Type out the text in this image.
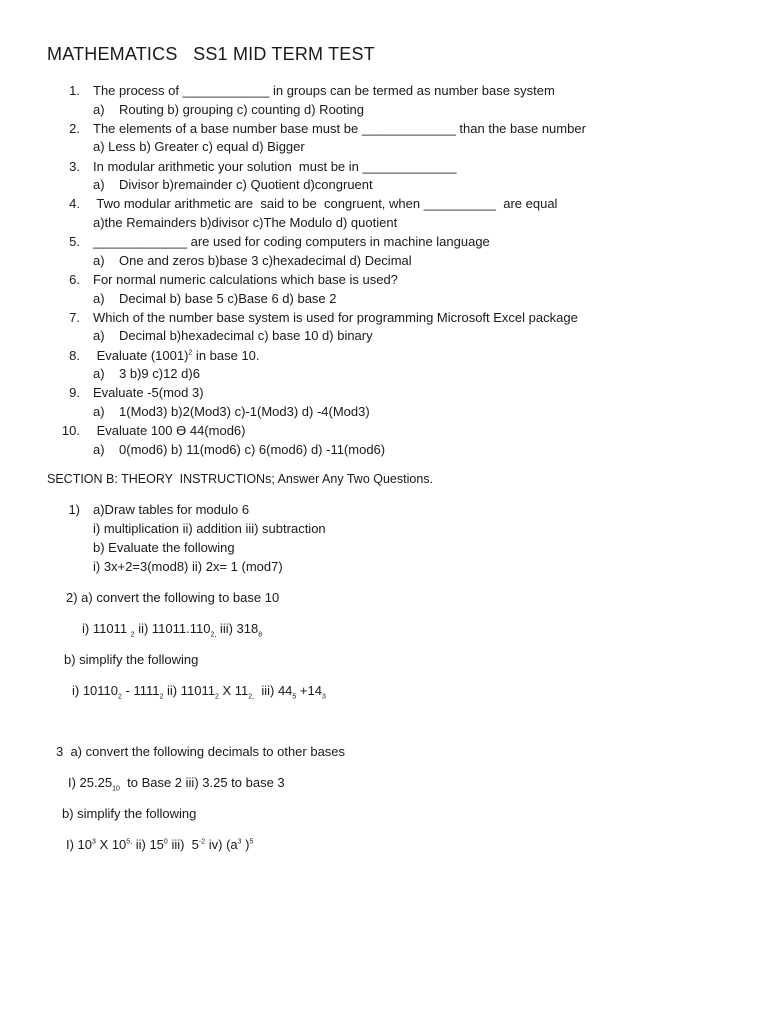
MATHEMATICS   SS1 MID TERM TEST
1. The process of ____________ in groups can be termed as number base system
a)    Routing b) grouping c) counting d) Rooting
2. The elements of a base number base must be _____________ than the base number
a) Less b) Greater c) equal d) Bigger
3. In modular arithmetic your solution  must be in _____________
a)    Divisor b)remainder c) Quotient d)congruent
4. Two modular arithmetic are  said to be  congruent, when __________  are equal
a)the Remainders b)divisor c)The Modulo d) quotient
5. _____________ are used for coding computers in machine language
a)    One and zeros b)base 3 c)hexadecimal d) Decimal
6. For normal numeric calculations which base is used?
a)    Decimal b) base 5 c)Base 6 d) base 2
7. Which of the number base system is used for programming Microsoft Excel package
a)    Decimal b)hexadecimal c) base 10 d) binary
8. Evaluate $(1001)^2$ in base 10.
a)    3 b)9 c)12 d)6
9. Evaluate -5(mod 3)
a)    1(Mod3) b)2(Mod3) c)-1(Mod3) d) -4(Mod3)
10. Evaluate 100 ϴ 44(mod6)
a)    0(mod6) b) 11(mod6) c) 6(mod6) d) -11(mod6)
SECTION B: THEORY  INSTRUCTIONs; Answer Any Two Questions.
1) a)Draw tables for modulo 6
i) multiplication ii) addition iii) subtraction
b) Evaluate the following
i) 3x+2=3(mod8) ii) 2x= 1 (mod7)
2) a) convert the following to base 10
i) 11011 $_2$ ii) $11011.110_{2,}$ iii) $318_8$
b) simplify the following
i) $10110_2 - 1111_2$ ii) $11011_2$ X $11_{2,}$  iii) $44_5 +14_3$
3  a) convert the following decimals to other bases
I) $25.25_{10}$  to Base 2 iii) 3.25 to base 3
b) simplify the following
I) $10^3$ X $10^{5,}$ ii) $15^0$ iii)  $5^{-2}$ iv) ($a^3$ )$^5$
